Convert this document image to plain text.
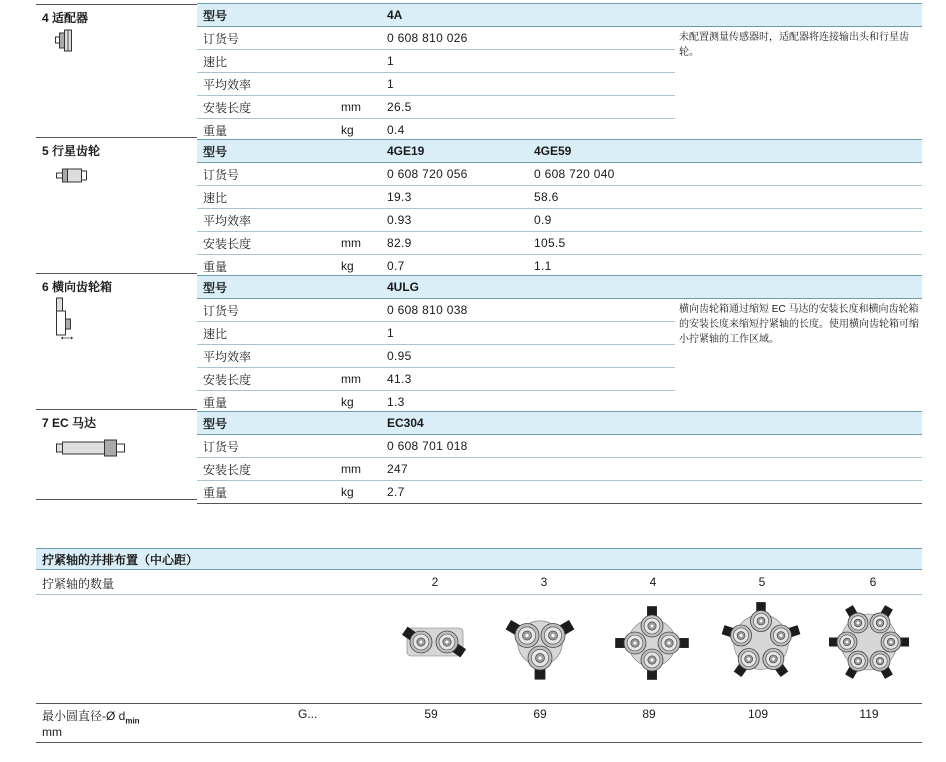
4 适配器	型号		4A		
订货号		0 608 810 026		未配置测量传感器时，适配器将连接输出头和行星齿轮。
速比		1		
平均效率		1		
安装长度	mm	26.5		
重量	kg	0.4		
5 行星齿轮	型号		4GE19	4GE59	
订货号		0 608 720 056	0 608 720 040	
速比		19.3	58.6	
平均效率		0.93	0.9	
安装长度	mm	82.9	105.5	
重量	kg	0.7	1.1	
6 横向齿轮箱	型号		4ULG		
订货号		0 608 810 038		横向齿轮箱通过缩短 EC 马达的安装长度和横向齿轮箱的安装长度来缩短拧紧轴的长度。使用横向齿轮箱可缩小拧紧轴的工作区域。
速比		1		
平均效率		0.95		
安装长度	mm	41.3		
重量	kg	1.3		
7 EC 马达	型号		EC304		
订货号		0 608 701 018		
安装长度	mm	247		
重量	kg	2.7		
拧紧轴的并排布置（中心距）
拧紧轴的数量	2	3	4	5	6
最小圆直径-Ø $d_{min}$
mm
G...	59	69	89	109	119
